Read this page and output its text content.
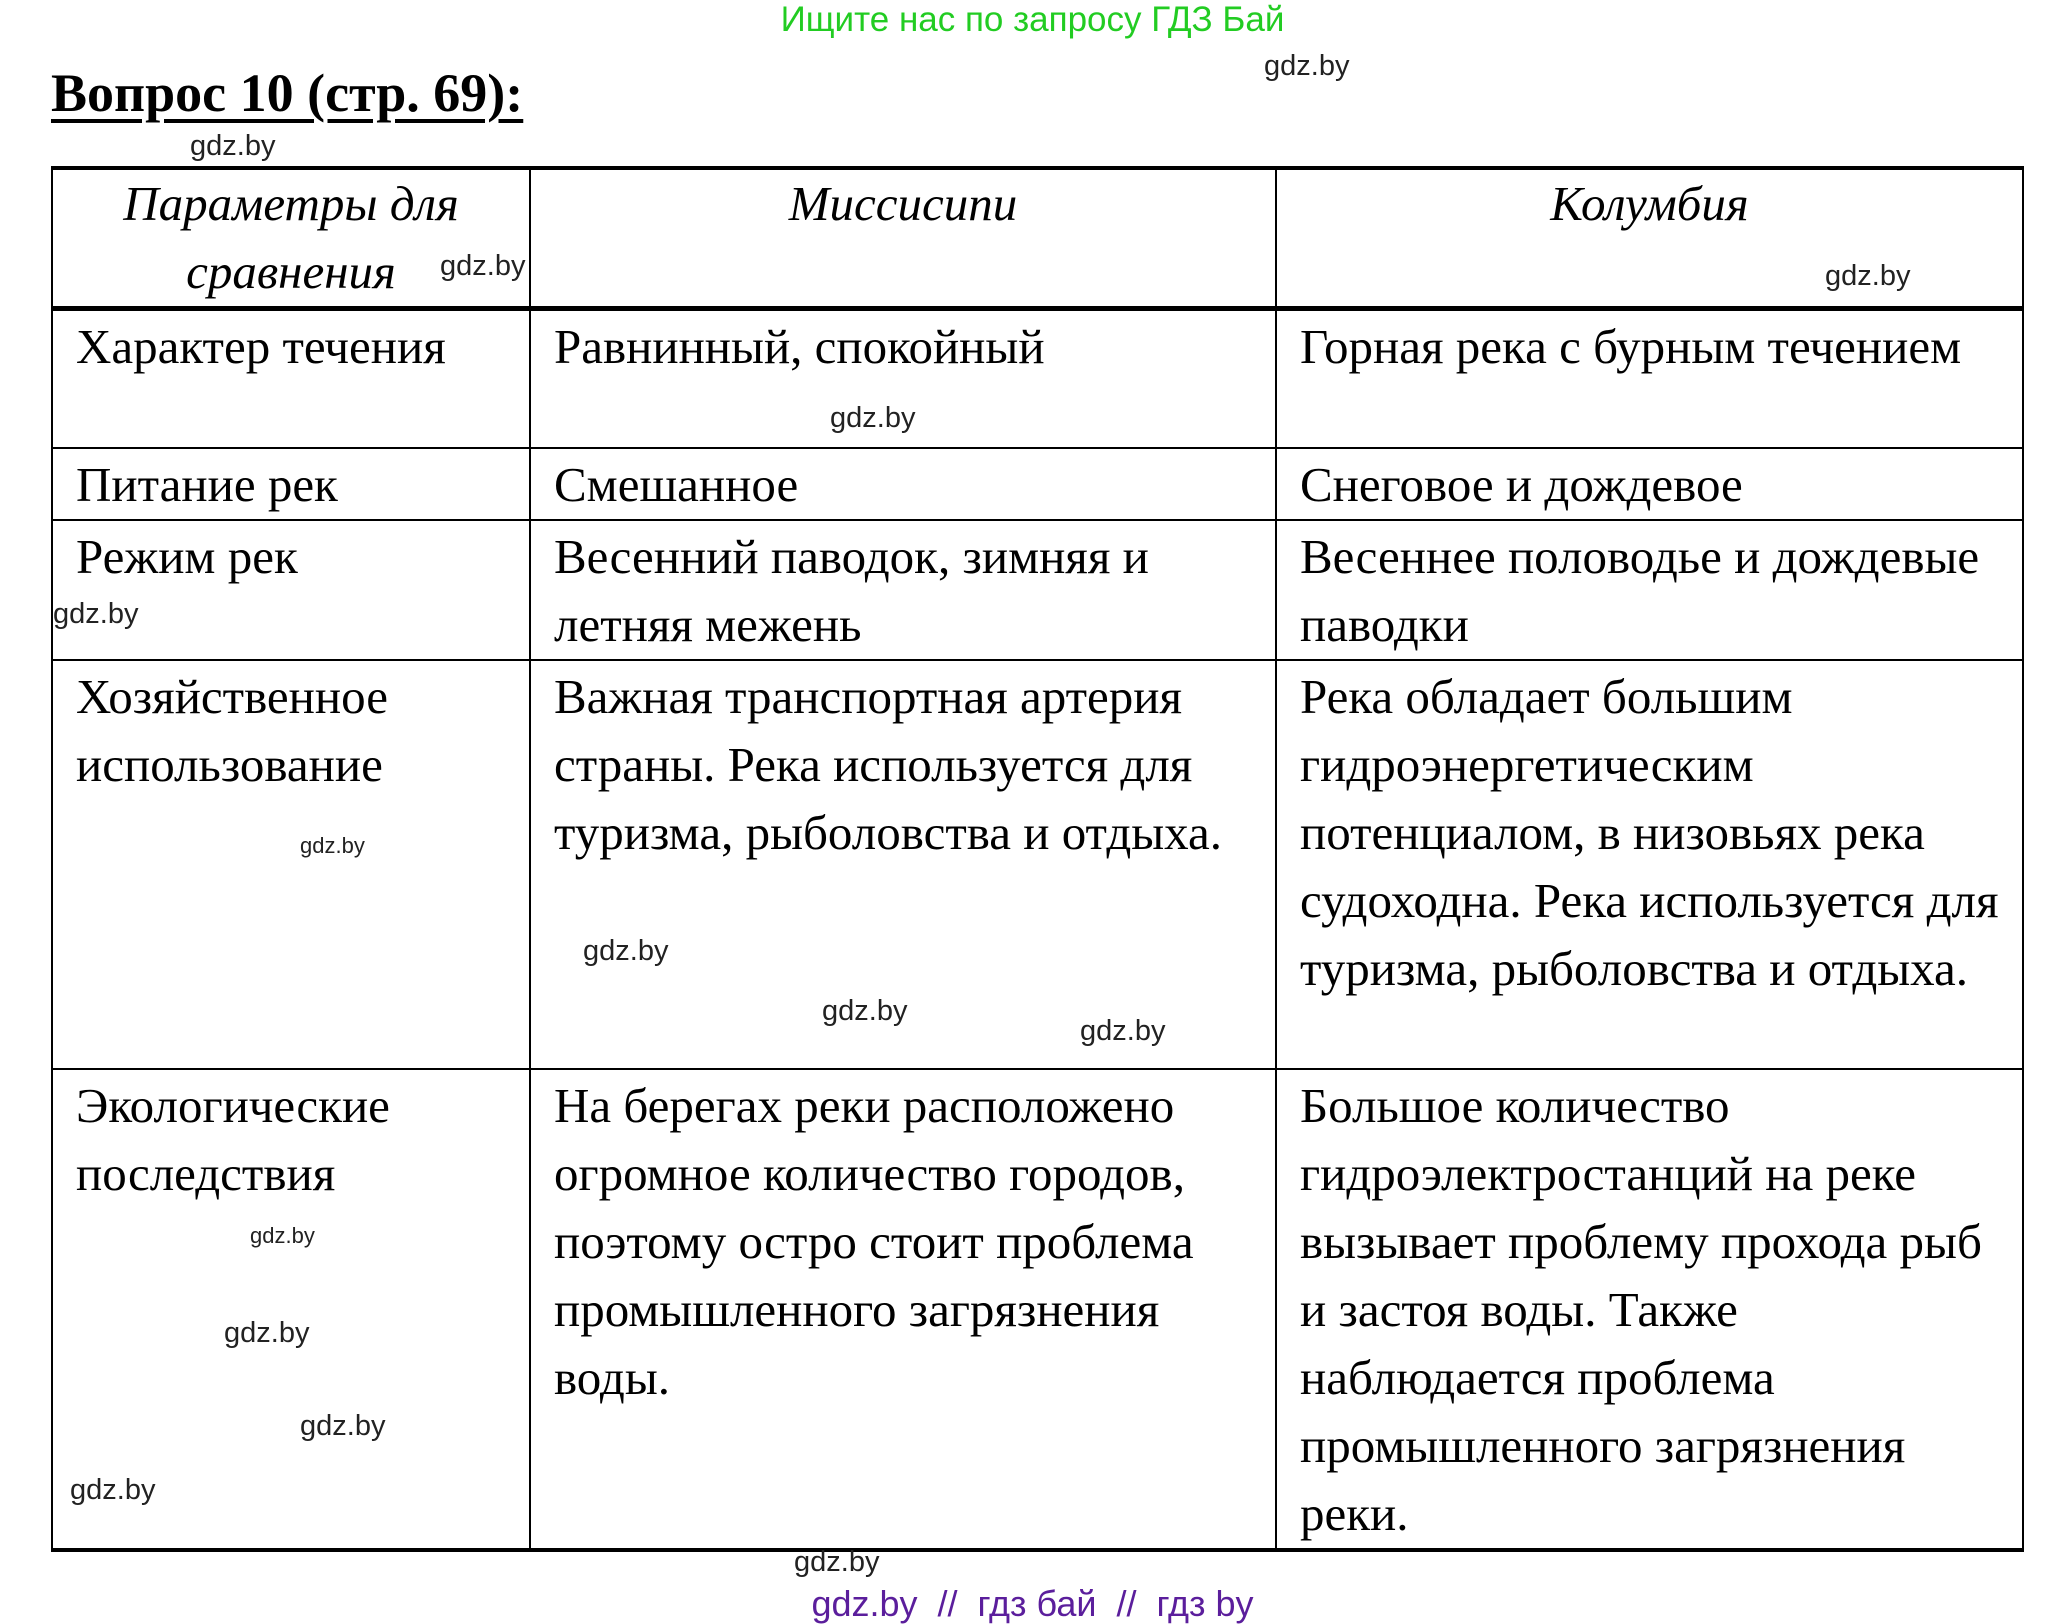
Ищите нас по запросу ГДЗ Бай
Вопрос 10 (стр. 69):
Параметры для сравнения	Миссисипи	Колумбия
Характер течения	Равнинный, спокойный	Горная река с бурным течением
Питание рек	Смешанное	Снеговое и дождевое
Режим рек	Весенний паводок, зимняя и летняя межень	Весеннее половодье и дождевые паводки
Хозяйственное использование	Важная транспортная артерия страны. Река используется для туризма, рыболовства и отдыха.	Река обладает большим гидроэнергетическим потенциалом, в низовьях река судоходна. Река используется для туризма, рыболовства и отдыха.
Экологические последствия	На берегах реки расположено огромное количество городов, поэтому остро стоит проблема промышленного загрязнения воды.	Большое количество гидроэлектростанций на реке вызывает проблему прохода рыб и застоя воды. Также наблюдается проблема промышленного загрязнения реки.
gdz.by
gdz.by
gdz.by	gdz.by
gdz.by
gdz.by
gdz.by
gdz.by
gdz.by
gdz.by
gdz.by
gdz.by
gdz.by
gdz.by
gdz.by
gdz.by  //  гдз бай  //  гдз by
